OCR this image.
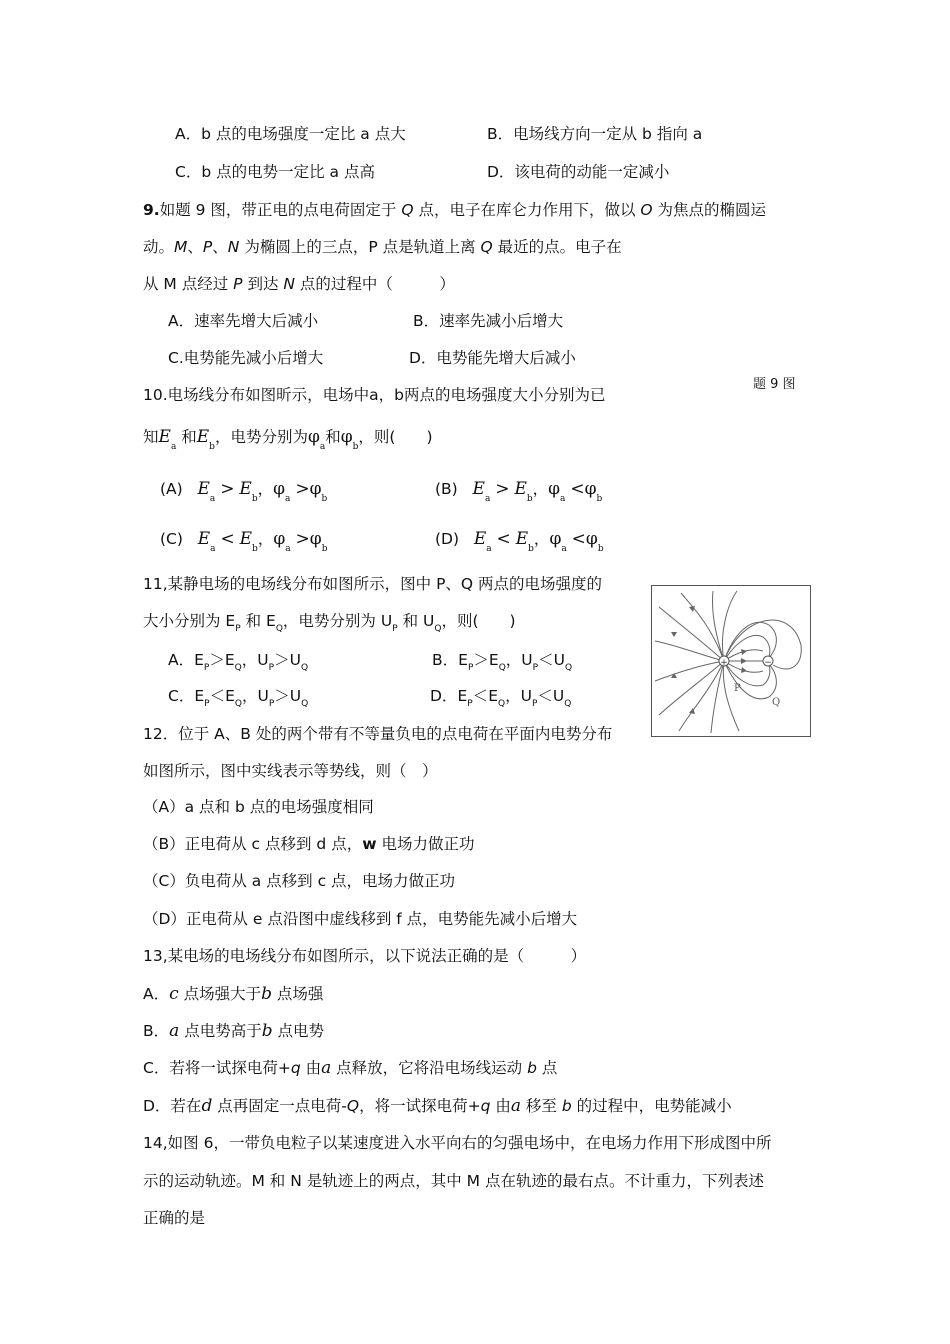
A．b 点的电场强度一定比 a 点大	B．电场线方向一定从 b 指向 a
C．b 点的电势一定比 a 点高	D．该电荷的动能一定减小
9.如题 9 图，带正电的点电荷固定于 Q 点，电子在库仑力作用下，做以 O 为焦点的椭圆运
动。M、P、N 为椭圆上的三点，P 点是轨道上离 Q 最近的点。电子在
从 M 点经过 P 到达 N 点的过程中（　　　）
A．速率先增大后减小	B．速率先减小后增大
C.电势能先减小后增大	D．电势能先增大后减小
题 9 图
10.电场线分布如图昕示，电场中a，b两点的电场强度大小分别为已
知$E_a$ 和$E_b$，电势分别为$\varphi_a$和$\varphi_b$，则(　　)
(A) $E_a > E_b$，$\varphi_a >\varphi_b$
(B) $E_a > E_b$，$\varphi_a <\varphi_b$
(C) $E_a < E_b$，$\varphi_a >\varphi_b$
(D) $E_a < E_b$，$\varphi_a <\varphi_b$
11,某静电场的电场线分布如图所示，图中 P、Q 两点的电场强度的
大小分别为 $E_P$ 和 $E_Q$，电势分别为 $U_P$ 和 $U_Q$，则(　　)
A．$E_P>E_Q$，$U_P>U_Q$	B．$E_P>E_Q$，$U_P<U_Q$
C．$E_P<E_Q$，$U_P>U_Q$	D．$E_P<E_Q$，$U_P<U_Q$
+	−
P
Q
12．位于 A、B 处的两个带有不等量负电的点电荷在平面内电势分布
如图所示，图中实线表示等势线，则（　）
（A）a 点和 b 点的电场强度相同
（B）正电荷从 c 点移到 d 点，w 电场力做正功
（C）负电荷从 a 点移到 c 点，电场力做正功
（D）正电荷从 e 点沿图中虚线移到 f 点，电势能先减小后增大
13,某电场的电场线分布如图所示，以下说法正确的是（　　　）
A．c 点场强大于b 点场强
B．a 点电势高于b 点电势
C．若将一试探电荷+q 由a 点释放，它将沿电场线运动 b 点
D．若在d 点再固定一点电荷-Q，将一试探电荷+q 由a 移至 b 的过程中，电势能减小
14,如图 6，一带负电粒子以某速度进入水平向右的匀强电场中，在电场力作用下形成图中所
示的运动轨迹。M 和 N 是轨迹上的两点，其中 M 点在轨迹的最右点。不计重力，下列表述
正确的是
